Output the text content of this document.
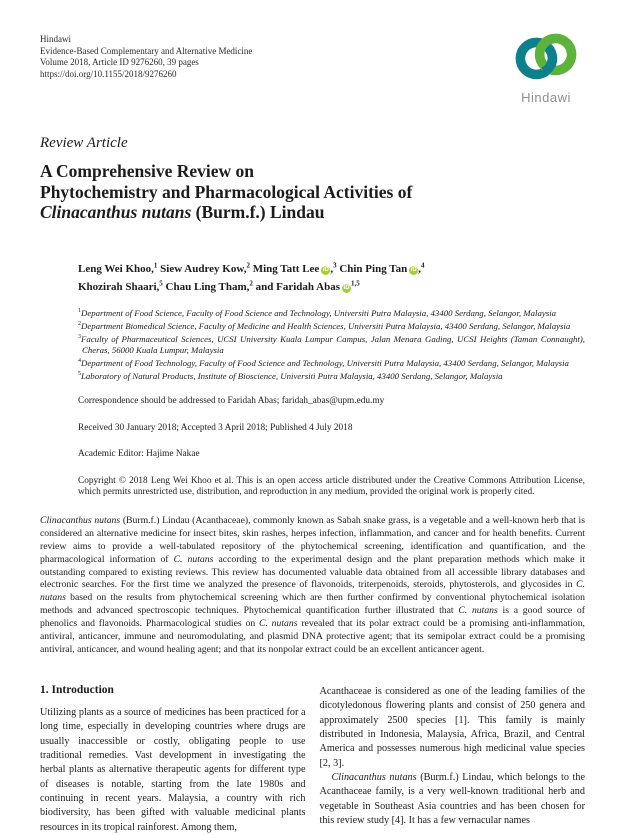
Hindawi
Evidence-Based Complementary and Alternative Medicine
Volume 2018, Article ID 9276260, 39 pages
https://doi.org/10.1155/2018/9276260
Hindawi
Review Article
A Comprehensive Review on
Phytochemistry and Pharmacological Activities of
Clinacanthus nutans (Burm.f.) Lindau
Leng Wei Khoo,$^1$ Siew Audrey Kow,$^2$ Ming Tatt Lee iD ,$^3$ Chin Ping Tan iD ,$^4$
Khozirah Shaari,$^5$ Chau Ling Tham,$^2$ and Faridah Abas iD$^{1,5}$
$^1$Department of Food Science, Faculty of Food Science and Technology, Universiti Putra Malaysia, 43400 Serdang, Selangor, Malaysia
$^2$Department Biomedical Science, Faculty of Medicine and Health Sciences, Universiti Putra Malaysia, 43400 Serdang, Selangor, Malaysia
$^3$Faculty of Pharmaceutical Sciences, UCSI University Kuala Lumpur Campus, Jalan Menara Gading, UCSI Heights (Taman Connaught), Cheras, 56000 Kuala Lumpur, Malaysia
$^4$Department of Food Technology, Faculty of Food Science and Technology, Universiti Putra Malaysia, 43400 Serdang, Selangor, Malaysia
$^5$Laboratory of Natural Products, Institute of Bioscience, Universiti Putra Malaysia, 43400 Serdang, Selangor, Malaysia
Correspondence should be addressed to Faridah Abas; faridah_abas@upm.edu.my
Received 30 January 2018; Accepted 3 April 2018; Published 4 July 2018
Academic Editor: Hajime Nakae
Copyright © 2018 Leng Wei Khoo et al. This is an open access article distributed under the Creative Commons Attribution License, which permits unrestricted use, distribution, and reproduction in any medium, provided the original work is properly cited.
Clinacanthus nutans (Burm.f.) Lindau (Acanthaceae), commonly known as Sabah snake grass, is a vegetable and a well-known herb that is considered an alternative medicine for insect bites, skin rashes, herpes infection, inflammation, and cancer and for health benefits. Current review aims to provide a well-tabulated repository of the phytochemical screening, identification and quantification, and the pharmacological information of C. nutans according to the experimental design and the plant preparation methods which make it outstanding compared to existing reviews. This review has documented valuable data obtained from all accessible library databases and electronic searches. For the first time we analyzed the presence of flavonoids, triterpenoids, steroids, phytosterols, and glycosides in C. nutans based on the results from phytochemical screening which are then further confirmed by conventional phytochemical isolation methods and advanced spectroscopic techniques. Phytochemical quantification further illustrated that C. nutans is a good source of phenolics and flavonoids. Pharmacological studies on C. nutans revealed that its polar extract could be a promising anti-inflammation, antiviral, anticancer, immune and neuromodulating, and plasmid DNA protective agent; that its semipolar extract could be a promising antiviral, anticancer, and wound healing agent; and that its nonpolar extract could be an excellent anticancer agent.
1. Introduction

Utilizing plants as a source of medicines has been practiced for a long time, especially in developing countries where drugs are usually inaccessible or costly, obligating people to use traditional remedies. Vast development in investigating the herbal plants as alternative therapeutic agents for different type of diseases is notable, starting from the late 1980s and continuing in recent years. Malaysia, a country with rich biodiversity, has been gifted with valuable medicinal plants resources in its tropical rainforest. Among them,

Acanthaceae is considered as one of the leading families of the dicotyledonous flowering plants and consist of 250 genera and approximately 2500 species [1]. This family is mainly distributed in Indonesia, Malaysia, Africa, Brazil, and Central America and possesses numerous high medicinal value species [2, 3].

Clinacanthus nutans (Burm.f.) Lindau, which belongs to the Acanthaceae family, is a very well-known traditional herb and vegetable in Southeast Asia countries and has been chosen for this review study [4]. It has a few vernacular names
